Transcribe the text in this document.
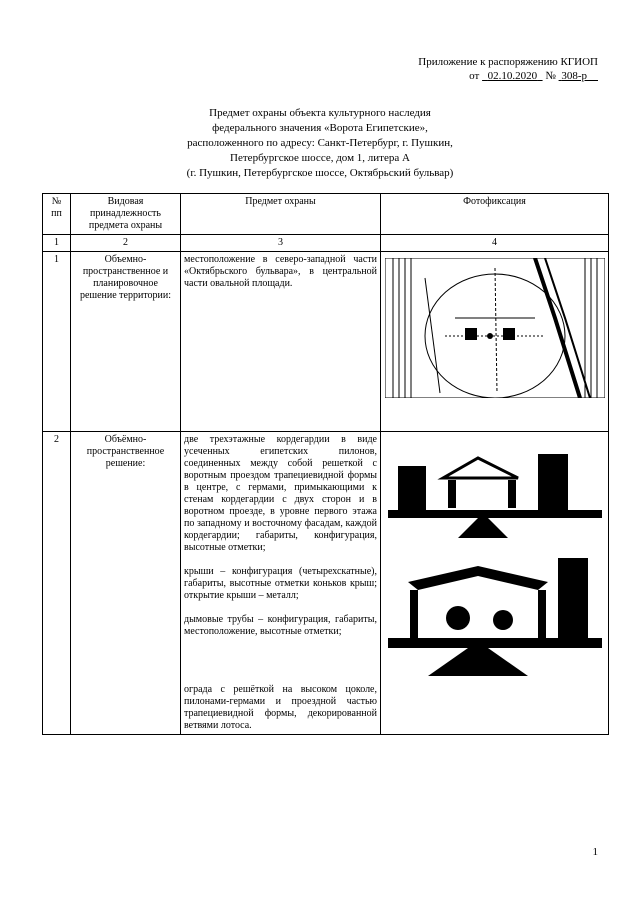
Приложение к распоряжению КГИОП
от 02.10.2020 № 308-р
Предмет охраны объекта культурного наследия
федерального значения «Ворота Египетские»,
расположенного по адресу: Санкт-Петербург, г. Пушкин,
Петербургское шоссе, дом 1, литера А
(г. Пушкин, Петербургское шоссе, Октябрьский бульвар)
№ пп	Видовая принадлежность предмета охраны	Предмет охраны	Фотофиксация
1	2	3	4
1	Объемно-пространственное и планировочное решение территории:	местоположение в северо-западной части «Октябрьского бульвара», в центральной части овальной площади.	

2	Объёмно-пространственное решение:	две трехэтажные кордегардии в виде усеченных египетских пилонов, соединенных между собой решеткой с воротным проездом трапециевидной формы в центре, с гермами, примыкающими к стенам кордегардии с двух сторон и в воротном проезде, в уровне первого этажа по западному и восточному фасадам, каждой кордегардии; габариты, конфигурация, высотные отметки;
крыши – конфигурация (четырехскатные), габариты, высотные отметки коньков крыш; открытие крыши – металл;
дымовые трубы – конфигурация, габариты, местоположение, высотные отметки;
ограда с решёткой на высоком цоколе, пилонами-гермами и проездной частью трапециевидной формы, декорированной ветвями лотоса.

1
